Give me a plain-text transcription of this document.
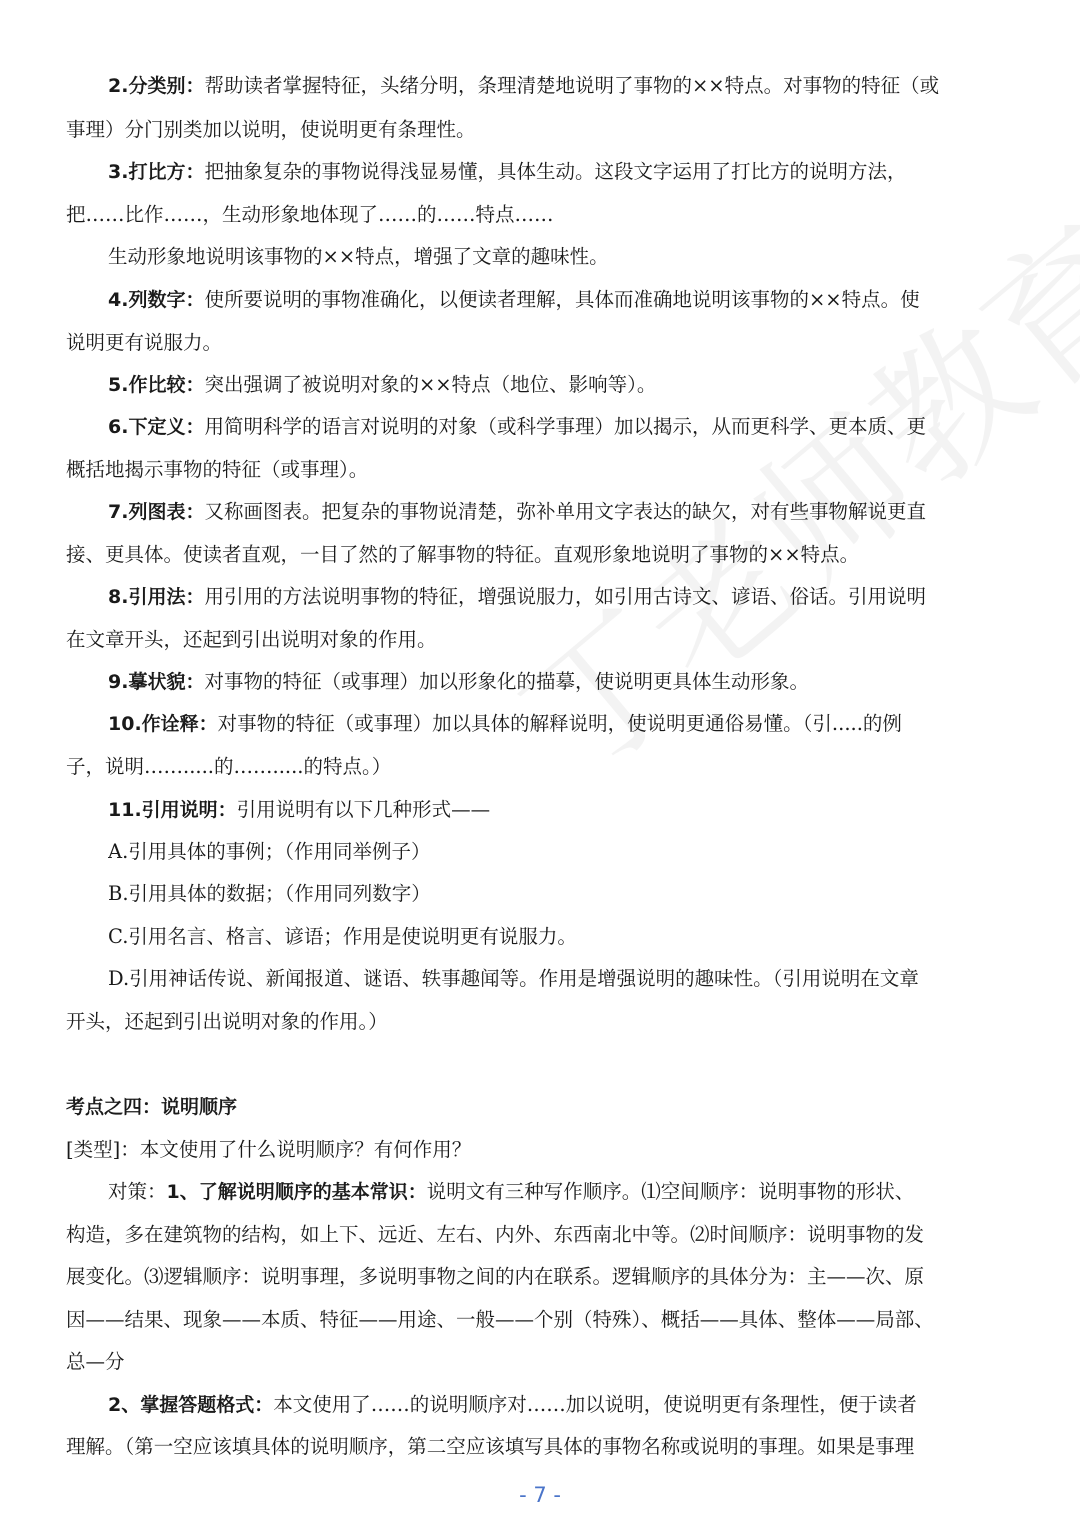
2.分类别：帮助读者掌握特征，头绪分明，条理清楚地说明了事物的××特点。对事物的特征（或
事理）分门别类加以说明，使说明更有条理性。
3.打比方：把抽象复杂的事物说得浅显易懂，具体生动。这段文字运用了打比方的说明方法，
把……比作……，生动形象地体现了……的……特点……
生动形象地说明该事物的××特点，增强了文章的趣味性。
4.列数字：使所要说明的事物准确化，以便读者理解，具体而准确地说明该事物的××特点。使
说明更有说服力。
5.作比较：突出强调了被说明对象的××特点（地位、影响等）。
6.下定义：用简明科学的语言对说明的对象（或科学事理）加以揭示，从而更科学、更本质、更
概括地揭示事物的特征（或事理）。
7.列图表：又称画图表。把复杂的事物说清楚，弥补单用文字表达的缺欠，对有些事物解说更直
接、更具体。使读者直观，一目了然的了解事物的特征。直观形象地说明了事物的××特点。
8.引用法：用引用的方法说明事物的特征，增强说服力，如引用古诗文、谚语、俗话。引用说明
在文章开头，还起到引出说明对象的作用。
9.摹状貌：对事物的特征（或事理）加以形象化的描摹，使说明更具体生动形象。
10.作诠释：对事物的特征（或事理）加以具体的解释说明，使说明更通俗易懂。（引.....的例
子，说明…….....的…….....的特点。）
11.引用说明：引用说明有以下几种形式——
A.引用具体的事例；（作用同举例子）
B.引用具体的数据；（作用同列数字）
C.引用名言、格言、谚语；作用是使说明更有说服力。
D.引用神话传说、新闻报道、谜语、轶事趣闻等。作用是增强说明的趣味性。（引用说明在文章
开头，还起到引出说明对象的作用。）
考点之四：说明顺序
[类型]：本文使用了什么说明顺序？有何作用？
对策：1、了解说明顺序的基本常识：说明文有三种写作顺序。⑴空间顺序：说明事物的形状、
构造，多在建筑物的结构，如上下、远近、左右、内外、东西南北中等。⑵时间顺序：说明事物的发
展变化。⑶逻辑顺序：说明事理，多说明事物之间的内在联系。逻辑顺序的具体分为：主——次、原
因——结果、现象——本质、特征——用途、一般——个别（特殊）、概括——具体、整体——局部、
总—分
2、掌握答题格式：本文使用了……的说明顺序对……加以说明，使说明更有条理性，便于读者
理解。（第一空应该填具体的说明顺序，第二空应该填写具体的事物名称或说明的事理。如果是事理
- 7 -
